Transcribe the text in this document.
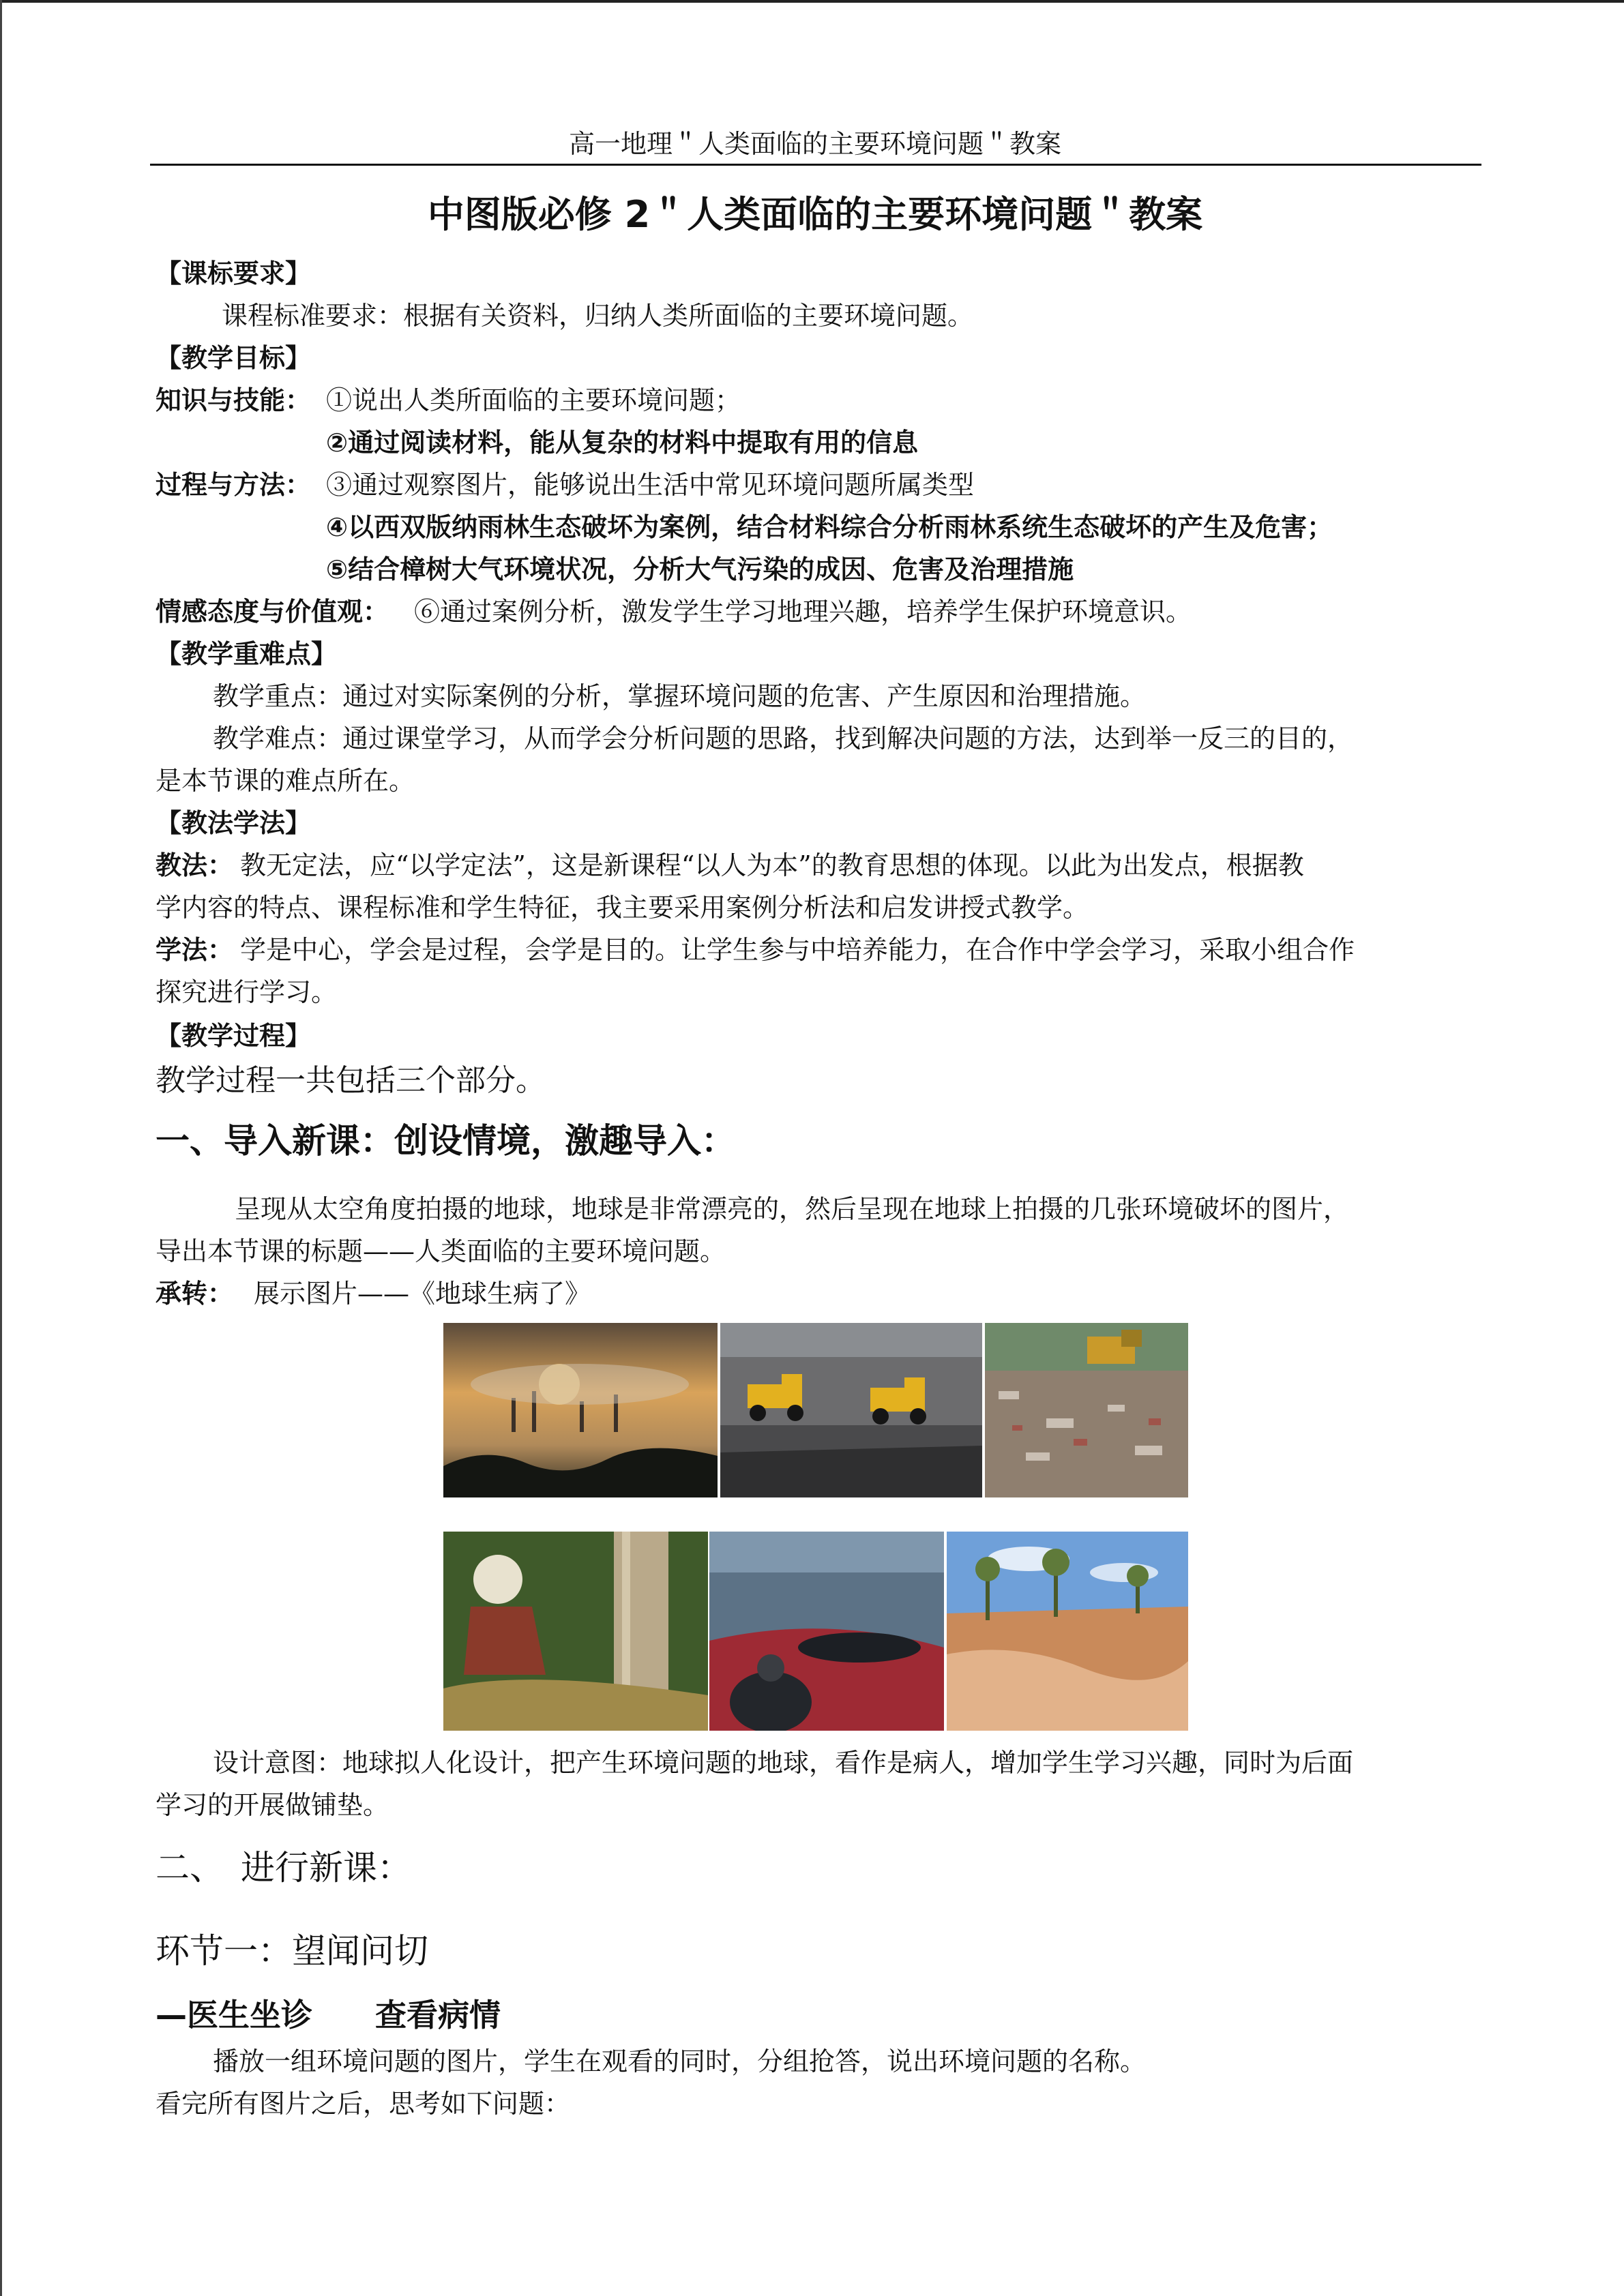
高一地理＂人类面临的主要环境问题＂教案
中图版必修 2＂人类面临的主要环境问题＂教案
【课标要求】
课程标准要求：根据有关资料，归纳人类所面临的主要环境问题。
【教学目标】
知识与技能： ①说出人类所面临的主要环境问题；
②通过阅读材料，能从复杂的材料中提取有用的信息
过程与方法： ③通过观察图片，能够说出生活中常见环境问题所属类型
④以西双版纳雨林生态破坏为案例，结合材料综合分析雨林系统生态破坏的产生及危害；
⑤结合樟树大气环境状况，分析大气污染的成因、危害及治理措施
情感态度与价值观： ⑥通过案例分析，激发学生学习地理兴趣，培养学生保护环境意识。
【教学重难点】
教学重点：通过对实际案例的分析，掌握环境问题的危害、产生原因和治理措施。
教学难点：通过课堂学习，从而学会分析问题的思路，找到解决问题的方法，达到举一反三的目的，
是本节课的难点所在。
【教法学法】
教法： 教无定法，应“以学定法”，这是新课程“以人为本”的教育思想的体现。以此为出发点，根据教
学内容的特点、课程标准和学生特征，我主要采用案例分析法和启发讲授式教学。
学法： 学是中心，学会是过程，会学是目的。让学生参与中培养能力，在合作中学会学习，采取小组合作
探究进行学习。
【教学过程】
教学过程一共包括三个部分。
一、导入新课：创设情境，激趣导入：
呈现从太空角度拍摄的地球，地球是非常漂亮的，然后呈现在地球上拍摄的几张环境破坏的图片，
导出本节课的标题——人类面临的主要环境问题。
承转： 展示图片——《地球生病了》
设计意图：地球拟人化设计，把产生环境问题的地球，看作是病人，增加学生学习兴趣，同时为后面
学习的开展做铺垫。
二、　进行新课：
环节一：望闻问切
—医生坐诊　　查看病情
播放一组环境问题的图片，学生在观看的同时，分组抢答，说出环境问题的名称。
看完所有图片之后，思考如下问题：
